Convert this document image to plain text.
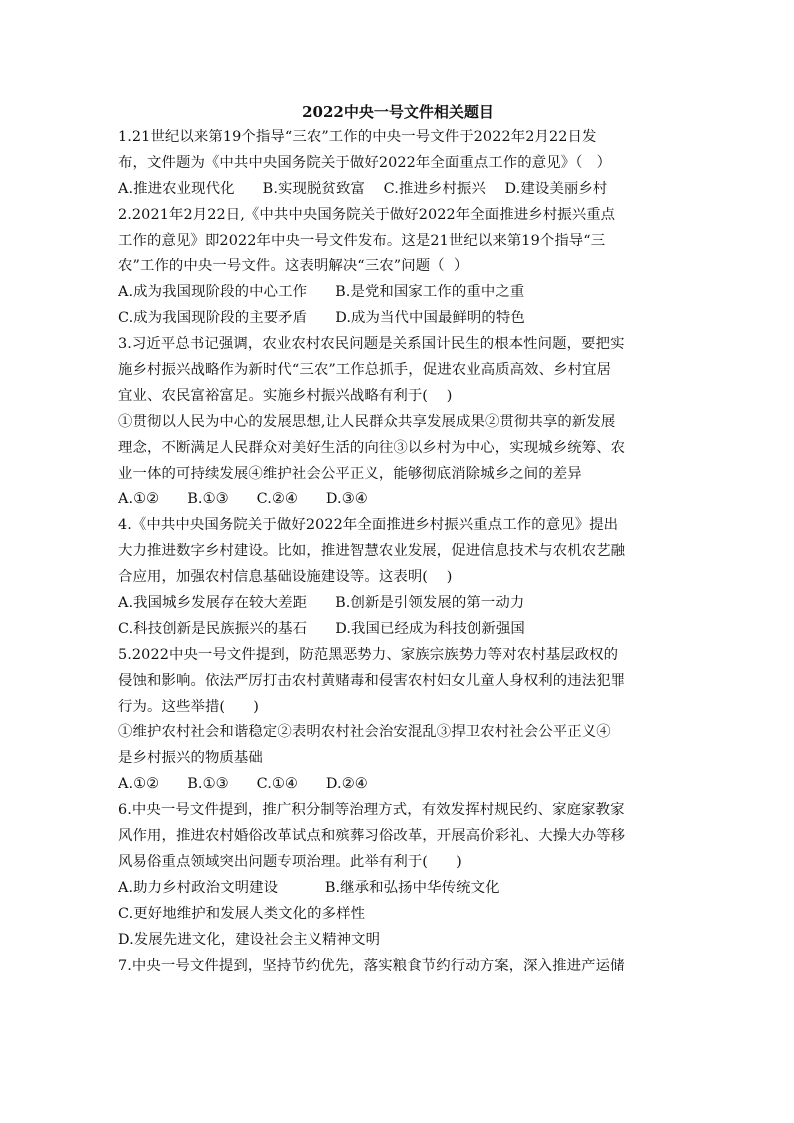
2022中央一号文件相关题目
1.21世纪以来第19个指导“三农”工作的中央一号文件于2022年2月22日发
布，文件题为《中共中央国务院关于做好2022年全面重点工作的意见》（   ）
A.推进农业现代化      B.实现脱贫致富    C.推进乡村振兴    D.建设美丽乡村
2.2021年2月22日,《中共中央国务院关于做好2022年全面推进乡村振兴重点
工作的意见》即2022年中央一号文件发布。这是21世纪以来第19个指导“三
农”工作的中央一号文件。这表明解决“三农”问题（  ）
A.成为我国现阶段的中心工作      B.是党和国家工作的重中之重
C.成为我国现阶段的主要矛盾      D.成为当代中国最鲜明的特色
3.习近平总书记强调，农业农村农民问题是关系国计民生的根本性问题，要把实
施乡村振兴战略作为新时代“三农”工作总抓手，促进农业高质高效、乡村宜居
宜业、农民富裕富足。实施乡村振兴战略有利于(    )
①贯彻以人民为中心的发展思想,让人民群众共享发展成果②贯彻共享的新发展
理念，不断满足人民群众对美好生活的向往③以乡村为中心，实现城乡统筹、农
业一体的可持续发展④维护社会公平正义，能够彻底消除城乡之间的差异
A.①②      B.①③      C.②④      D.③④
4.《中共中央国务院关于做好2022年全面推进乡村振兴重点工作的意见》提出
大力推进数字乡村建设。比如，推进智慧农业发展，促进信息技术与农机农艺融
合应用，加强农村信息基础设施建设等。这表明(    )
A.我国城乡发展存在较大差距      B.创新是引领发展的第一动力
C.科技创新是民族振兴的基石      D.我国已经成为科技创新强国
5.2022中央一号文件提到，防范黑恶势力、家族宗族势力等对农村基层政权的
侵蚀和影响。依法严厉打击农村黄赌毒和侵害农村妇女儿童人身权利的违法犯罪
行为。这些举措(      )
①维护农村社会和谐稳定②表明农村社会治安混乱③捍卫农村社会公平正义④
是乡村振兴的物质基础
A.①②      B.①③      C.①④      D.②④
6.中央一号文件提到，推广积分制等治理方式，有效发挥村规民约、家庭家教家
风作用，推进农村婚俗改革试点和殡葬习俗改革，开展高价彩礼、大操大办等移
风易俗重点领域突出问题专项治理。此举有利于(      )
A.助力乡村政治文明建设          B.继承和弘扬中华传统文化
C.更好地维护和发展人类文化的多样性
D.发展先进文化，建设社会主义精神文明
7.中央一号文件提到，坚持节约优先，落实粮食节约行动方案，深入推进产运储
